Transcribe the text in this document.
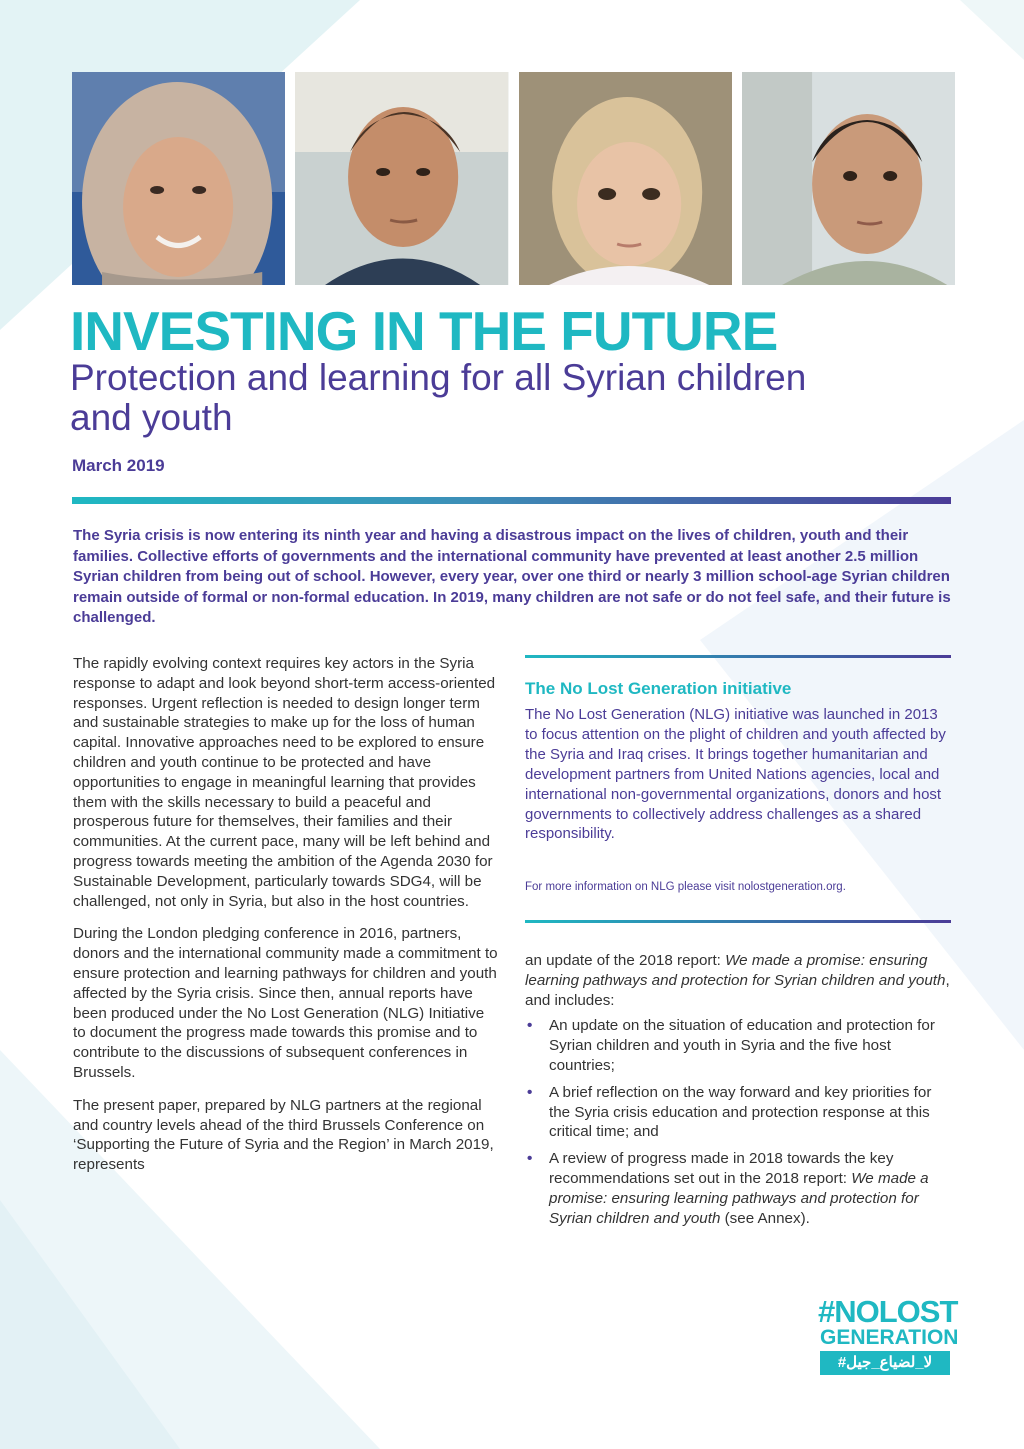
INVESTING IN THE FUTURE
Protection and learning for all Syrian children and youth
March 2019

The Syria crisis is now entering its ninth year and having a disastrous impact on the lives of children, youth and their families. Collective efforts of governments and the international community have prevented at least another 2.5 million Syrian children from being out of school. However, every year, over one third or nearly 3 million school-age Syrian children remain outside of formal or non-formal education. In 2019, many children are not safe or do not feel safe, and their future is challenged.

The rapidly evolving context requires key actors in the Syria response to adapt and look beyond short-term access-oriented responses. Urgent reflection is needed to design longer term and sustainable strategies to make up for the loss of human capital. Innovative approaches need to be explored to ensure children and youth continue to be protected and have opportunities to engage in meaningful learning that provides them with the skills necessary to build a peaceful and prosperous future for themselves, their families and their communities. At the current pace, many will be left behind and progress towards meeting the ambition of the Agenda 2030 for Sustainable Development, particularly towards SDG4, will be challenged, not only in Syria, but also in the host countries.

During the London pledging conference in 2016, partners, donors and the international community made a commitment to ensure protection and learning pathways for children and youth affected by the Syria crisis. Since then, annual reports have been produced under the No Lost Generation (NLG) Initiative to document the progress made towards this promise and to contribute to the discussions of subsequent conferences in Brussels.

The present paper, prepared by NLG partners at the regional and country levels ahead of the third Brussels Conference on ‘Supporting the Future of Syria and the Region’ in March 2019, represents

The No Lost Generation initiative

The No Lost Generation (NLG) initiative was launched in 2013 to focus attention on the plight of children and youth affected by the Syria and Iraq crises. It brings together humanitarian and development partners from United Nations agencies, local and international non-governmental organizations, donors and host governments to collectively address challenges as a shared responsibility.

For more information on NLG please visit nolostgeneration.org.

an update of the 2018 report: We made a promise: ensuring learning pathways and protection for Syrian children and youth, and includes:

• An update on the situation of education and protection for Syrian children and youth in Syria and the five host countries;
• A brief reflection on the way forward and key priorities for the Syria crisis education and protection response at this critical time; and
• A review of progress made in 2018 towards the key recommendations set out in the 2018 report: We made a promise: ensuring learning pathways and protection for Syrian children and youth (see Annex).
#NOLOST
GENERATION
لا_لضياع_جيل#
